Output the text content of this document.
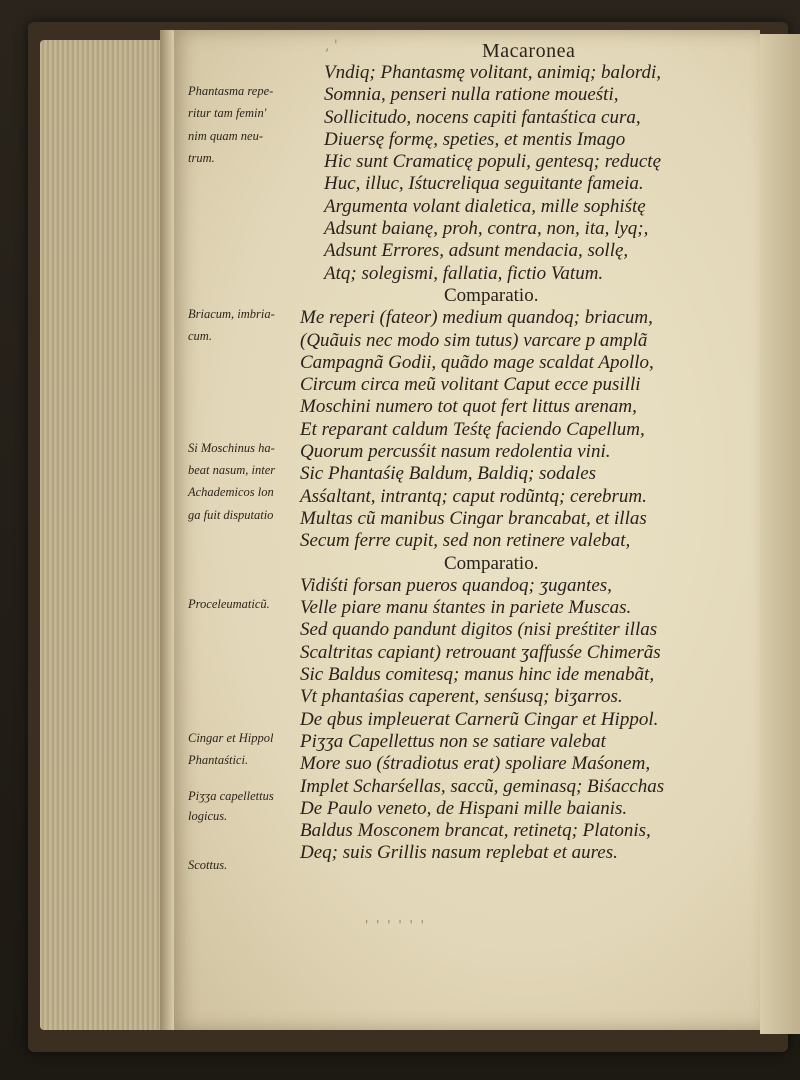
, '	Macaronea
Vndiq; Phantasmę volitant, animiq; balordi,
Somnia, penseri nulla ratione moueśti,
Sollicitudo, nocens capiti fantaśtica cura,
Diuersę formę, speties, et mentis Imago
Hic sunt Cramaticę populi, gentesq; reductę
Huc, illuc, Iśtucreliqua seguitante fameia.
Argumenta volant dialetica, mille sophiśtę
Adsunt baianę, proh, contra, non, ita, lyq;,
Adsunt Errores, adsunt mendacia, sollę,
Atq; solegismi, fallatia, fictio Vatum.
Comparatio.
Me reperi (fateor) medium quandoq; briacum,
(Quãuis nec modo sim tutus) varcare p amplã
Campagnã Godii, quãdo mage scaldat Apollo,
Circum circa meũ volitant Caput ecce pusilli
Moschini numero tot quot fert littus arenam,
Et reparant caldum Teśtę faciendo Capellum,
Quorum percusśit nasum redolentia vini.
Sic Phantaśię Baldum, Baldiq; sodales
Asśaltant, intrantq; caput rodũntq; cerebrum.
Multas cũ manibus Cingar brancabat, et illas
Secum ferre cupit, sed non retinere valebat,
Comparatio.
Vidiśti forsan pueros quandoq; ʒugantes,
Velle piare manu śtantes in pariete Muscas.
Sed quando pandunt digitos (nisi preśtiter illas
Scaltritas capiant) retrouant ʒaffusśe Chimerãs
Sic Baldus comitesq; manus hinc ide menabãt,
Vt phantaśias caperent, senśusq; biʒarros.
De qbus impleuerat Carnerũ Cingar et Hippol.
Piʒʒa Capellettus non se satiare valebat
More suo (śtradiotus erat) spoliare Maśonem,
Implet Scharśellas, saccũ, geminasq; Biśacchas
De Paulo veneto, de Hispani mille baianis.
Baldus Mosconem brancat, retinetq; Platonis,
Deq; suis Grillis nasum replebat et aures.
Phantasma repe-
ritur tam femin'
nim quam neu-
trum.
Briacum, imbria-
cum.
Si Moschinus ha-
beat nasum, inter
Achademicos lon
ga fuit disputatio
Proceleumaticũ.
Cingar et Hippol
Phantaśtici.
Piʒʒa capellettus
logicus.
Scottus.
' ' ' ' ' '
